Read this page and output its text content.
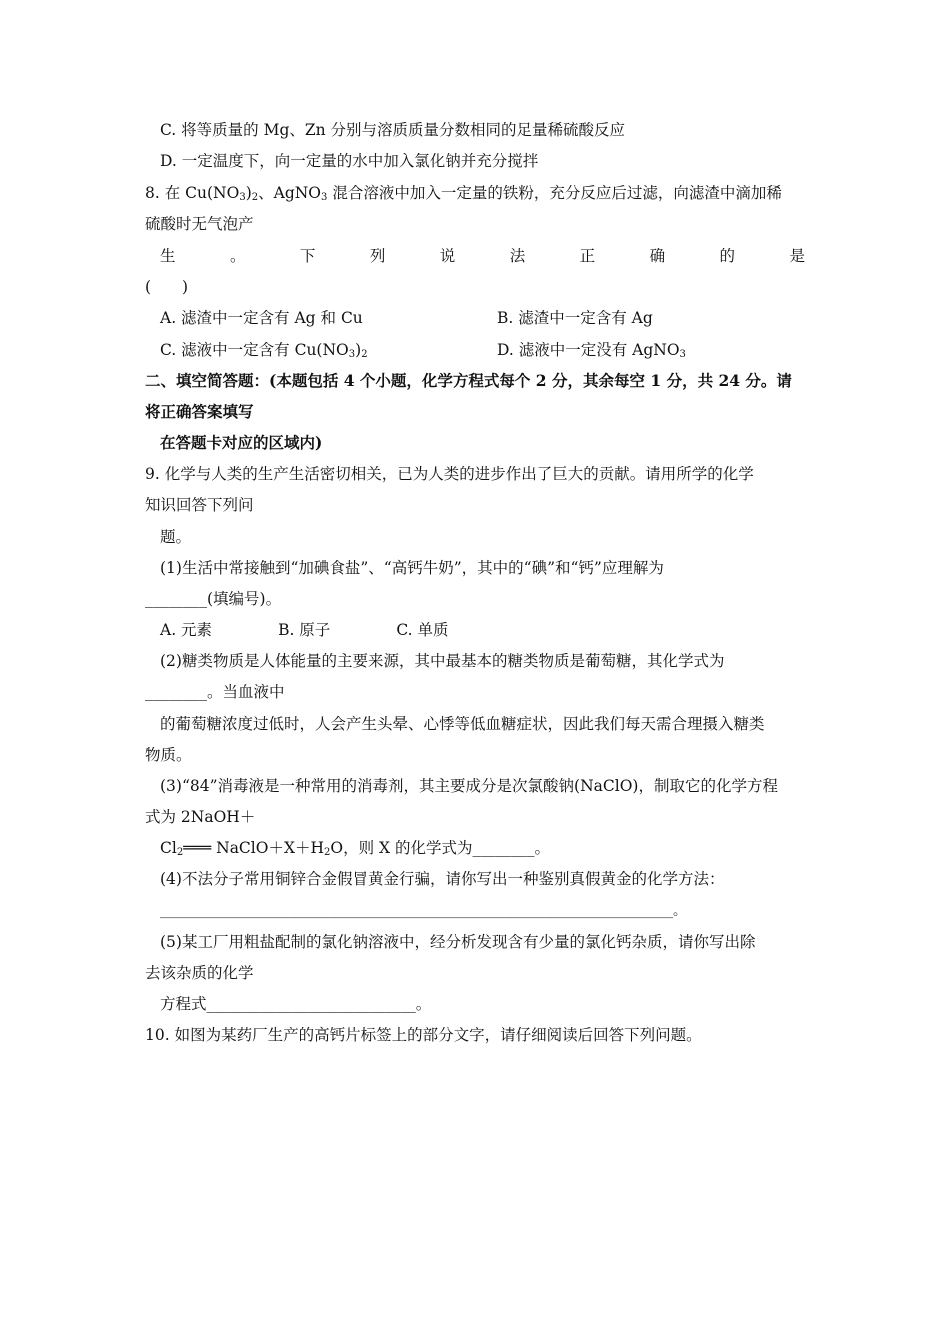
C. 将等质量的 Mg、Zn 分别与溶质质量分数相同的足量稀硫酸反应
D. 一定温度下，向一定量的水中加入氯化钠并充分搅拌
8. 在 $Cu(NO_3)_2$、AgNO$_3$ 混合溶液中加入一定量的铁粉，充分反应后过滤，向滤渣中滴加稀
硫酸时无气泡产
生	。	下	列	说	法	正	确	的	是
(　　)
A. 滤渣中一定含有 Ag 和 Cu	B. 滤渣中一定含有 Ag
C. 滤液中一定含有 $Cu(NO_3)_2$	D. 滤液中一定没有 AgNO$_3$
二、填空简答题：(本题包括 4 个小题，化学方程式每个 2 分，其余每空 1 分，共 24 分。请
将正确答案填写
在答题卡对应的区域内)
9. 化学与人类的生产生活密切相关，已为人类的进步作出了巨大的贡献。请用所学的化学
知识回答下列问
题。
(1)生活中常接触到“加碘食盐”、“高钙牛奶”，其中的“碘”和“钙”应理解为
________(填编号)。
A. 元素	B. 原子	C. 单质
(2)糖类物质是人体能量的主要来源，其中最基本的糖类物质是葡萄糖，其化学式为
________。当血液中
的葡萄糖浓度过低时，人会产生头晕、心悸等低血糖症状，因此我们每天需合理摄入糖类
物质。
(3)“84”消毒液是一种常用的消毒剂，其主要成分是次氯酸钠(NaClO)，制取它的化学方程
式为 2NaOH＋
$Cl_2═══$ $NaClO+X+H_2O$，则 X 的化学式为________。
(4)不法分子常用铜锌合金假冒黄金行骗，请你写出一种鉴别真假黄金的化学方法：
____________________________________________________________________________。
(5)某工厂用粗盐配制的氯化钠溶液中，经分析发现含有少量的氯化钙杂质，请你写出除
去该杂质的化学
方程式___________________________。
10. 如图为某药厂生产的高钙片标签上的部分文字，请仔细阅读后回答下列问题。
